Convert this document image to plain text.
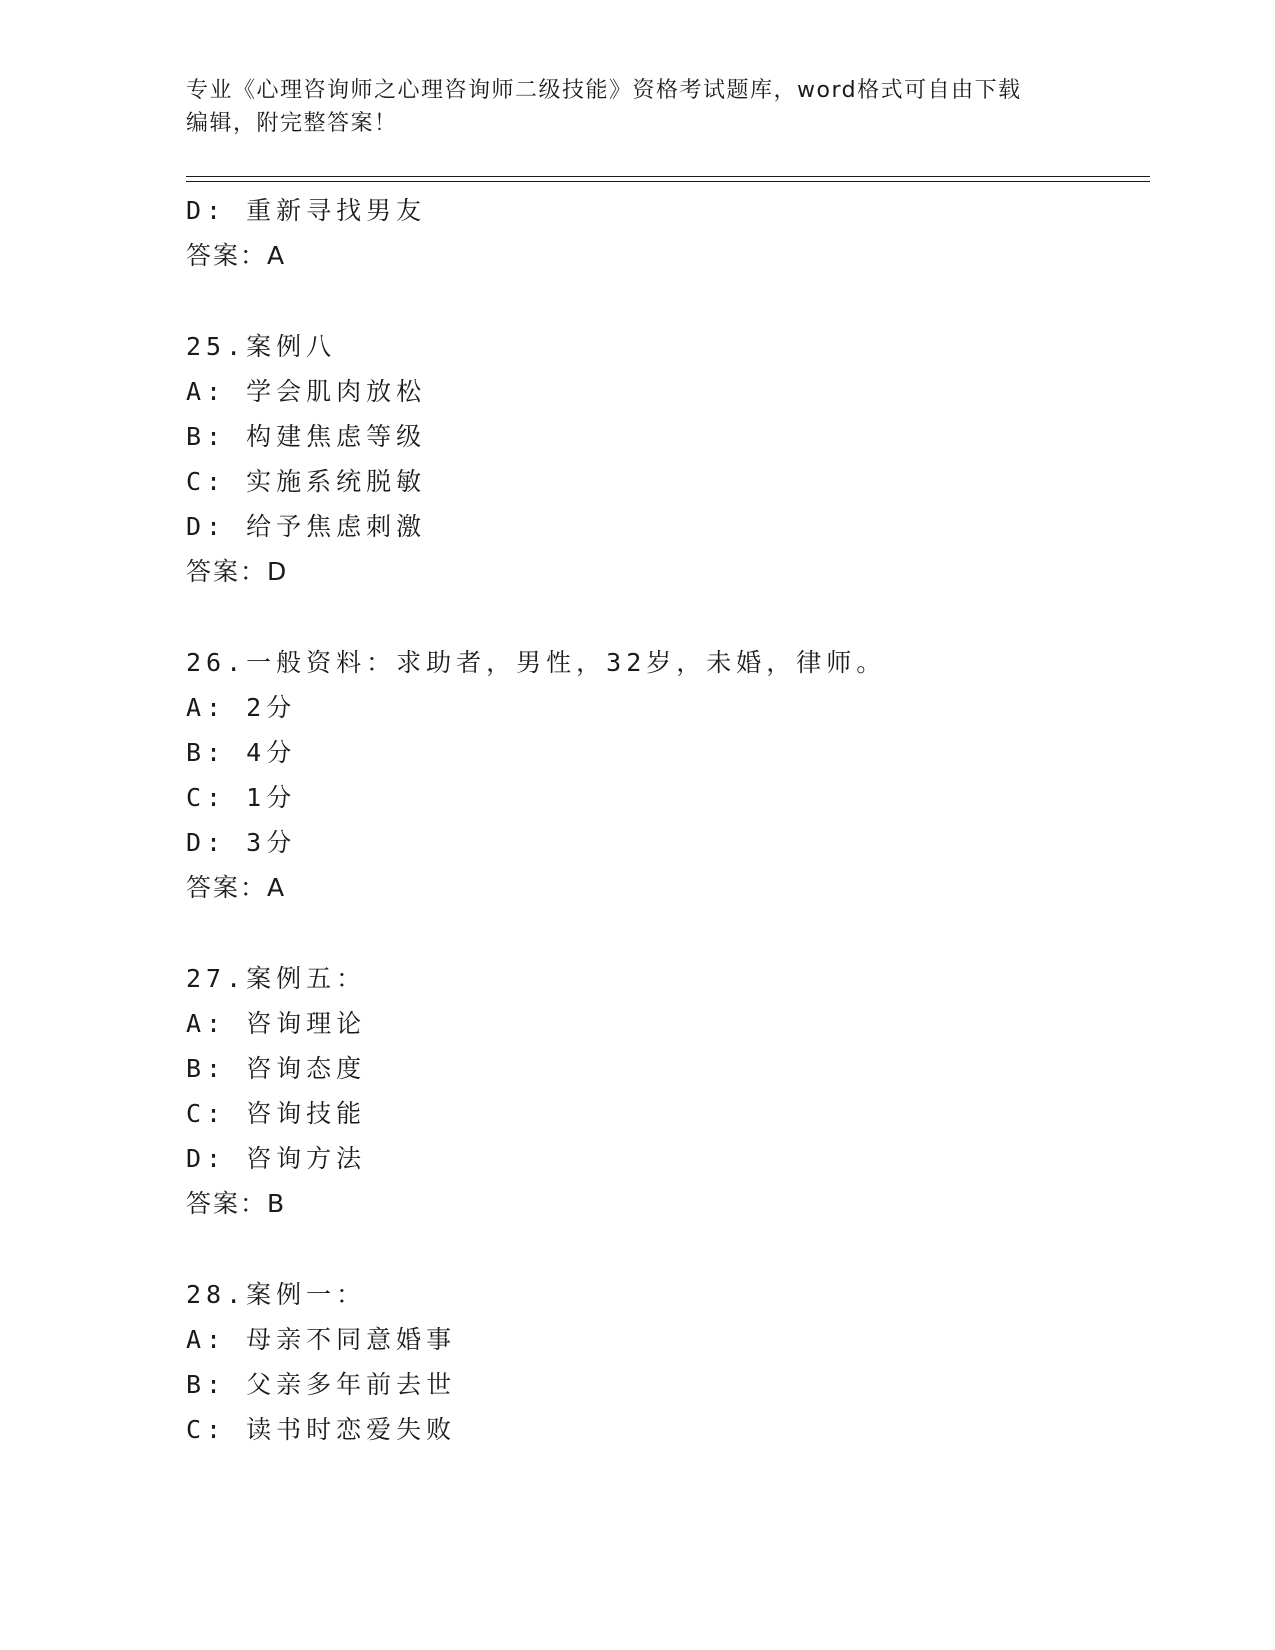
专业《心理咨询师之心理咨询师二级技能》资格考试题库，word格式可自由下载
编辑，附完整答案！
D: 重新寻找男友
答案：A
25.案例八
A: 学会肌肉放松
B: 构建焦虑等级
C: 实施系统脱敏
D: 给予焦虑刺激
答案：D
26.一般资料：求助者，男性，32岁，未婚，律师。
A: 2分
B: 4分
C: 1分
D: 3分
答案：A
27.案例五：
A: 咨询理论
B: 咨询态度
C: 咨询技能
D: 咨询方法
答案：B
28.案例一：
A: 母亲不同意婚事
B: 父亲多年前去世
C: 读书时恋爱失败
